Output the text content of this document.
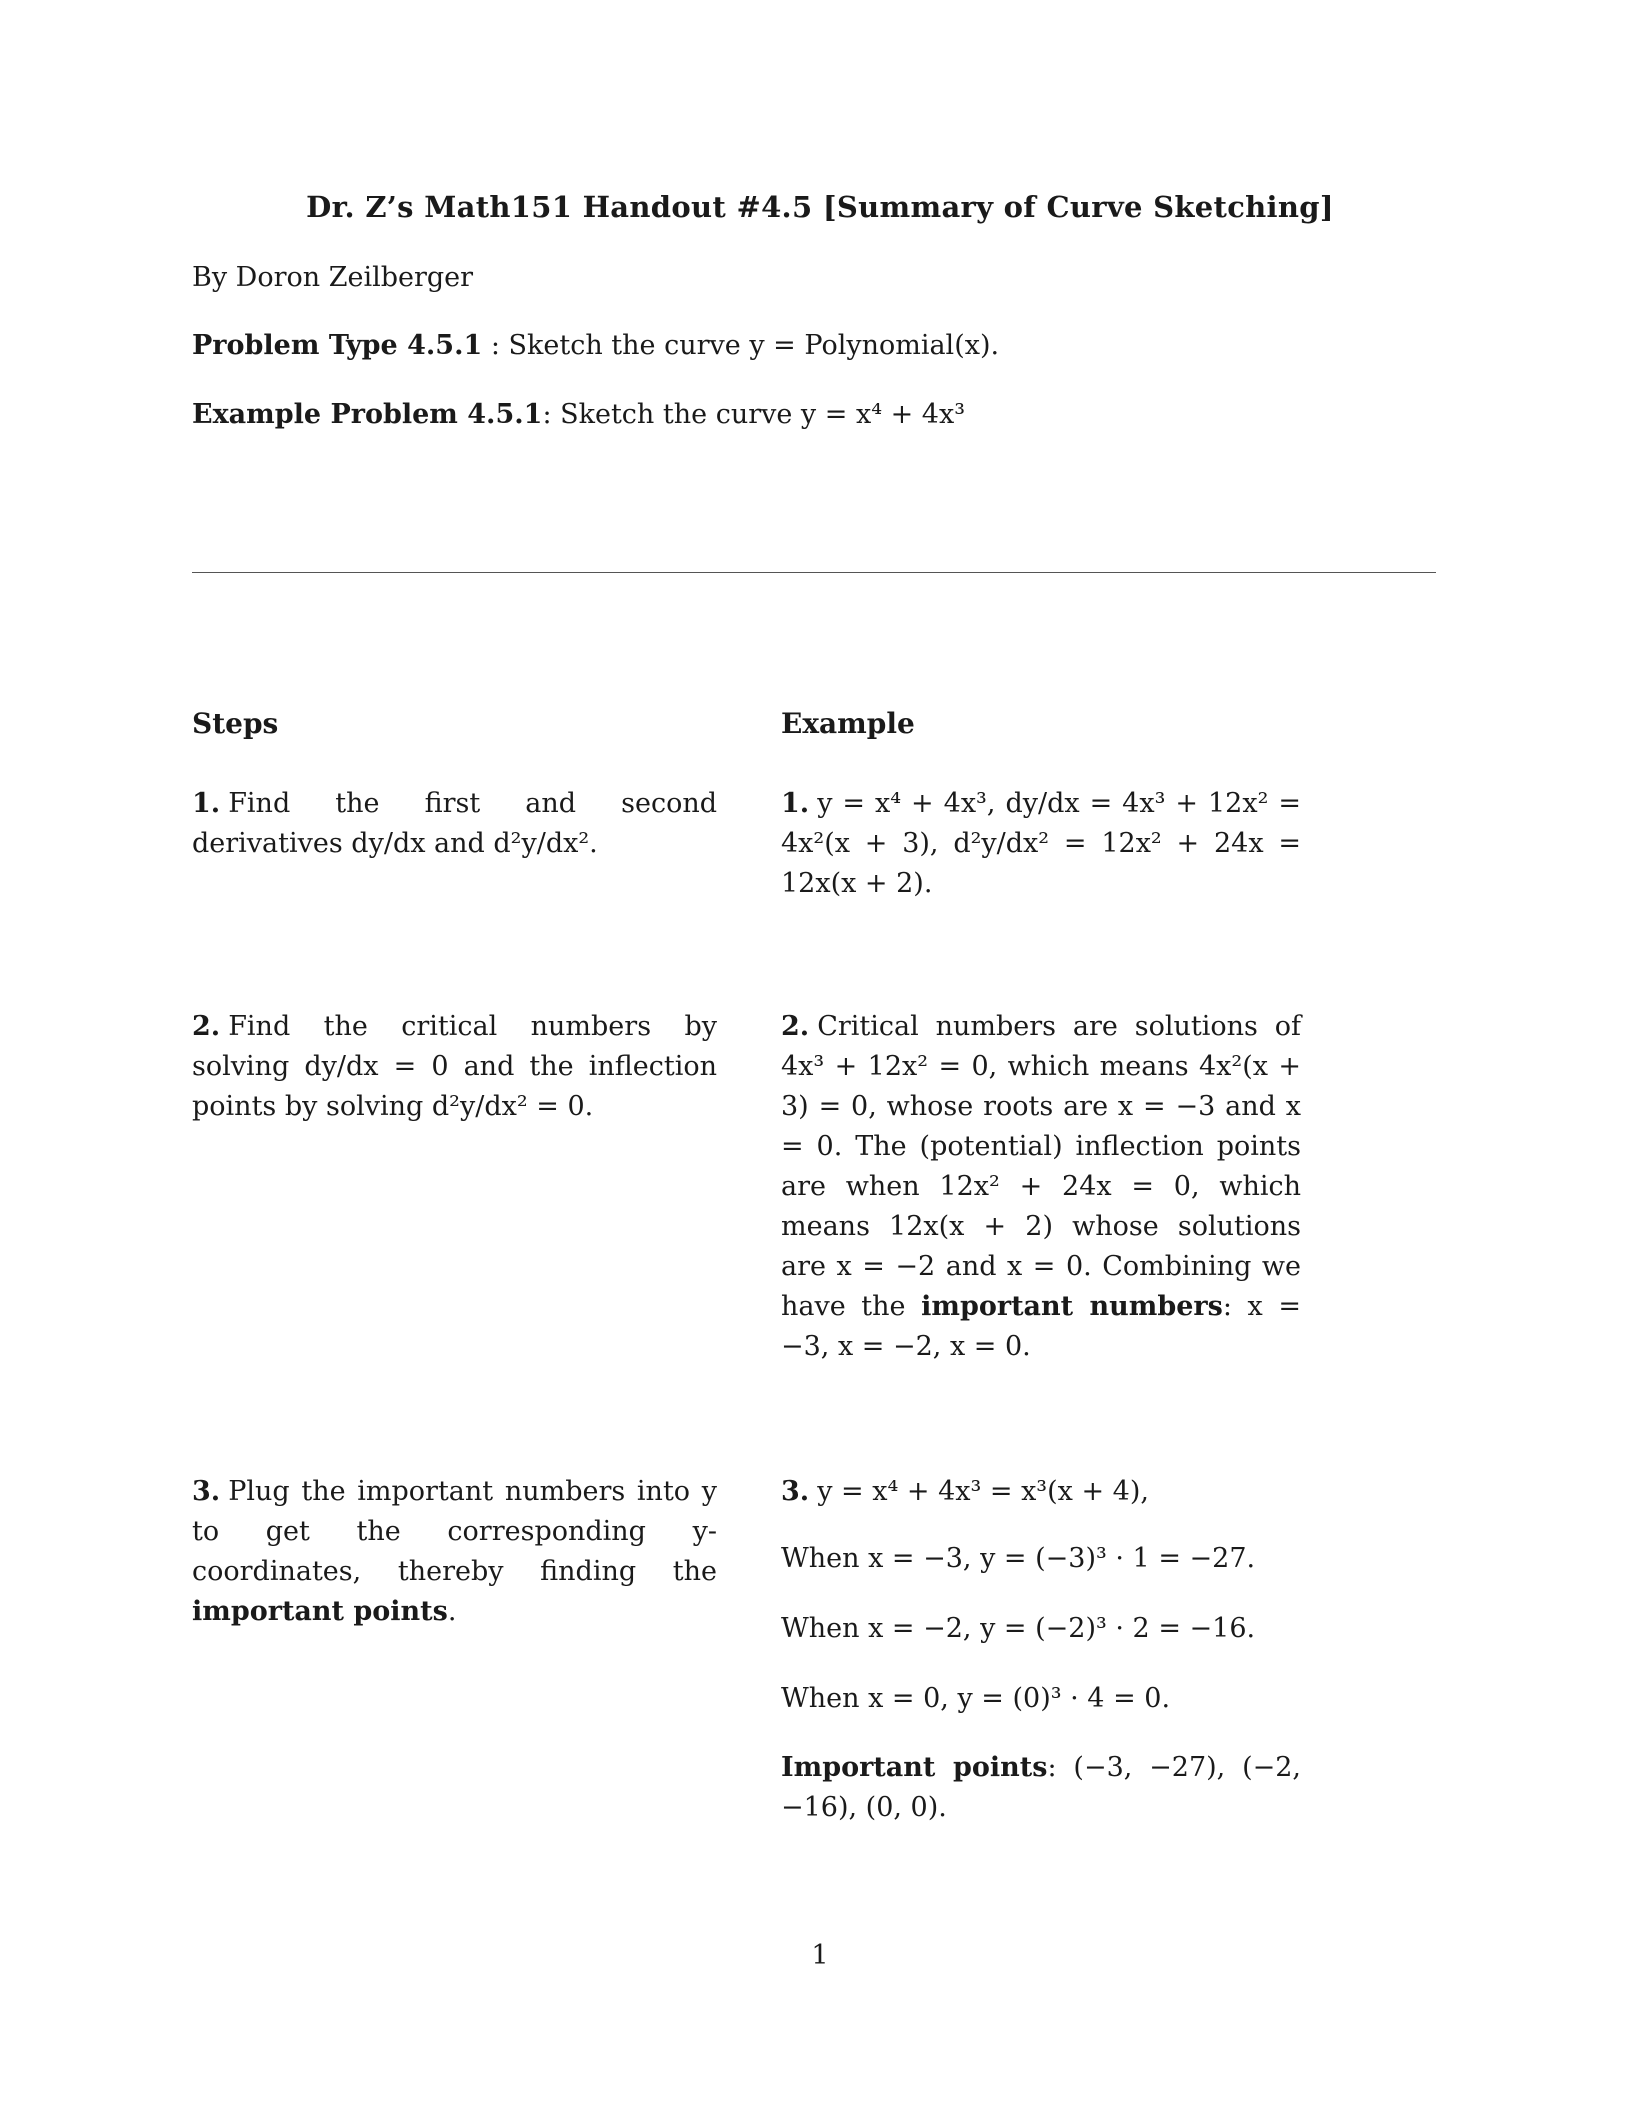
Dr. Z’s Math151 Handout #4.5 [Summary of Curve Sketching]
By Doron Zeilberger
Problem Type 4.5.1 : Sketch the curve y = Polynomial(x).
Example Problem 4.5.1: Sketch the curve y = x⁴ + 4x³
Steps	Example
1. Find the first and second derivatives dy/dx and d²y/dx².
1. y = x⁴ + 4x³, dy/dx = 4x³ + 12x² = 4x²(x + 3), d²y/dx² = 12x² + 24x = 12x(x + 2).
2. Find the critical numbers by solving dy/dx = 0 and the inflection points by solving d²y/dx² = 0.
2. Critical numbers are solutions of 4x³ + 12x² = 0, which means 4x²(x + 3) = 0, whose roots are x = −3 and x = 0. The (potential) inflection points are when 12x² + 24x = 0, which means 12x(x + 2) whose solutions are x = −2 and x = 0. Combining we have the important numbers: x = −3, x = −2, x = 0.
3. Plug the important numbers into y to get the corresponding y-coordinates, thereby finding the important points.
3. y = x⁴ + 4x³ = x³(x + 4),
When x = −3, y = (−3)³ · 1 = −27.
When x = −2, y = (−2)³ · 2 = −16.
When x = 0, y = (0)³ · 4 = 0.
Important points: (−3, −27), (−2, −16), (0, 0).
1
